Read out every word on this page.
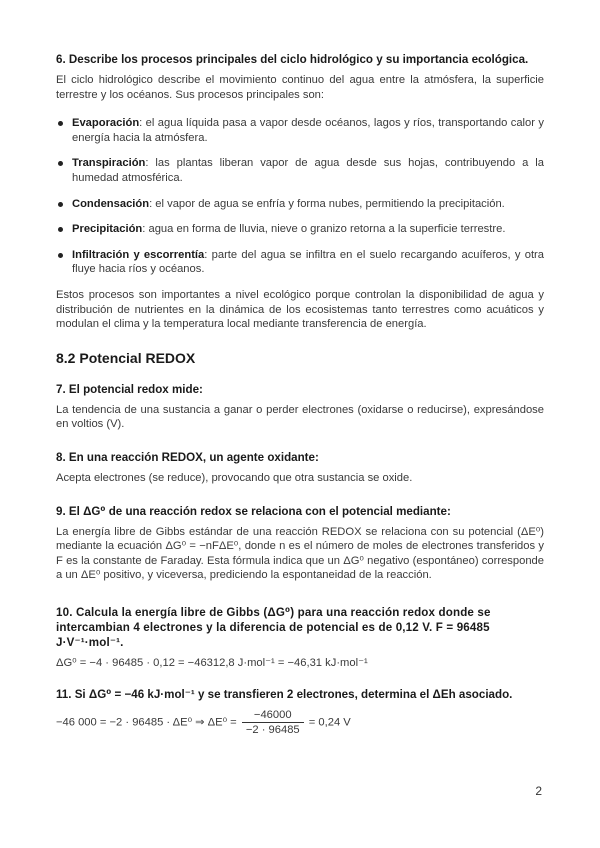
6. Describe los procesos principales del ciclo hidrológico y su importancia ecológica.

El ciclo hidrológico describe el movimiento continuo del agua entre la atmósfera, la superficie terrestre y los océanos. Sus procesos principales son:

Evaporación: el agua líquida pasa a vapor desde océanos, lagos y ríos, transportando calor y energía hacia la atmósfera.
Transpiración: las plantas liberan vapor de agua desde sus hojas, contribuyendo a la humedad atmosférica.
Condensación: el vapor de agua se enfría y forma nubes, permitiendo la precipitación.
Precipitación: agua en forma de lluvia, nieve o granizo retorna a la superficie terrestre.
Infiltración y escorrentía: parte del agua se infiltra en el suelo recargando acuíferos, y otra fluye hacia ríos y océanos.

Estos procesos son importantes a nivel ecológico porque controlan la disponibilidad de agua y distribución de nutrientes en la dinámica de los ecosistemas tanto terrestres como acuáticos y modulan el clima y la temperatura local mediante transferencia de energía.

8.2 Potencial REDOX
7. El potencial redox mide:

La tendencia de una sustancia a ganar o perder electrones (oxidarse o reducirse), expresándose en voltios (V).

8. En una reacción REDOX, un agente oxidante:

Acepta electrones (se reduce), provocando que otra sustancia se oxide.

9. El ΔG⁰ de una reacción redox se relaciona con el potencial mediante:

La energía libre de Gibbs estándar de una reacción REDOX se relaciona con su potencial (ΔE⁰) mediante la ecuación ΔG⁰ = −nFΔE⁰, donde n es el número de moles de electrones transferidos y F es la constante de Faraday. Esta fórmula indica que un ΔG⁰ negativo (espontáneo) corresponde a un ΔE⁰ positivo, y viceversa, prediciendo la espontaneidad de la reacción.

10. Calcula la energía libre de Gibbs (ΔG⁰) para una reacción redox donde se intercambian 4 electrones y la diferencia de potencial es de 0,12 V. F = 96485 J·V⁻¹·mol⁻¹.
ΔG⁰ = −4 · 96485 · 0,12 = −46312,8 J·mol⁻¹ = −46,31 kJ·mol⁻¹
11. Si ΔG⁰ = −46 kJ·mol⁻¹ y se transfieren 2 electrones, determina el ΔEh asociado.
−46 000 = −2 · 96485 · ΔE⁰ ⇒ $\Delta E^0 = \frac{-46000}{-2 \cdot 96485} = 0,24$ V
2
